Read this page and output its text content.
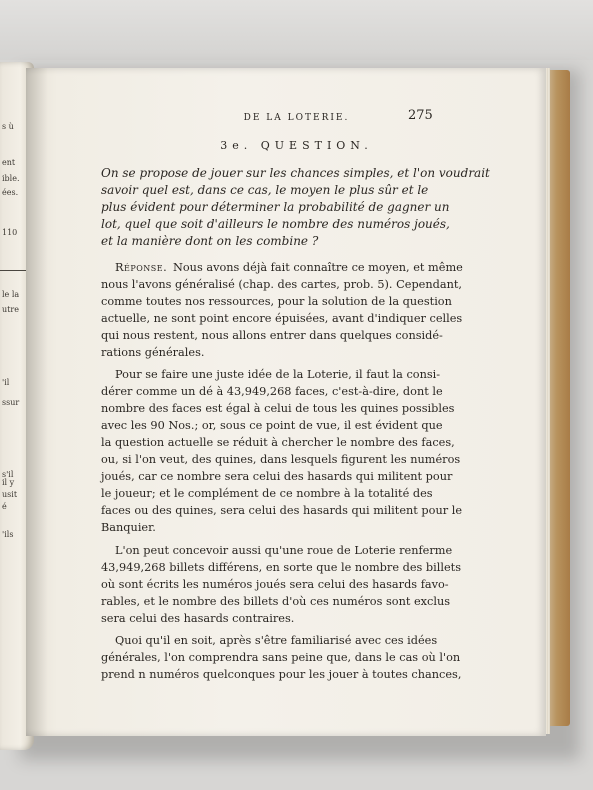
s ù
ent
ible.
ées.
110
le la
utre
'il
ssur
s'il
il y
usit
é
'ils
DE LA LOTERIE.	275
3e. QUESTION.
On se propose de jouer sur les chances simples, et l'on voudrait
savoir quel est, dans ce cas, le moyen le plus sûr et le
plus évident pour déterminer la probabilité de gagner un
lot, quel que soit d'ailleurs le nombre des numéros joués,
et la manière dont on les combine ?
Réponse. Nous avons déjà fait connaître ce moyen, et même
nous l'avons généralisé (chap. des cartes, prob. 5). Cependant,
comme toutes nos ressources, pour la solution de la question
actuelle, ne sont point encore épuisées, avant d'indiquer celles
qui nous restent, nous allons entrer dans quelques considé-
rations générales.
Pour se faire une juste idée de la Loterie, il faut la consi-
dérer comme un dé à 43,949,268 faces, c'est-à-dire, dont le
nombre des faces est égal à celui de tous les quines possibles
avec les 90 Nos.; or, sous ce point de vue, il est évident que
la question actuelle se réduit à chercher le nombre des faces,
ou, si l'on veut, des quines, dans lesquels figurent les numéros
joués, car ce nombre sera celui des hasards qui militent pour
le joueur; et le complément de ce nombre à la totalité des
faces ou des quines, sera celui des hasards qui militent pour le
Banquier.
L'on peut concevoir aussi qu'une roue de Loterie renferme
43,949,268 billets différens, en sorte que le nombre des billets
où sont écrits les numéros joués sera celui des hasards favo-
rables, et le nombre des billets d'où ces numéros sont exclus
sera celui des hasards contraires.
Quoi qu'il en soit, après s'être familiarisé avec ces idées
générales, l'on comprendra sans peine que, dans le cas où l'on
prend n numéros quelconques pour les jouer à toutes chances,
